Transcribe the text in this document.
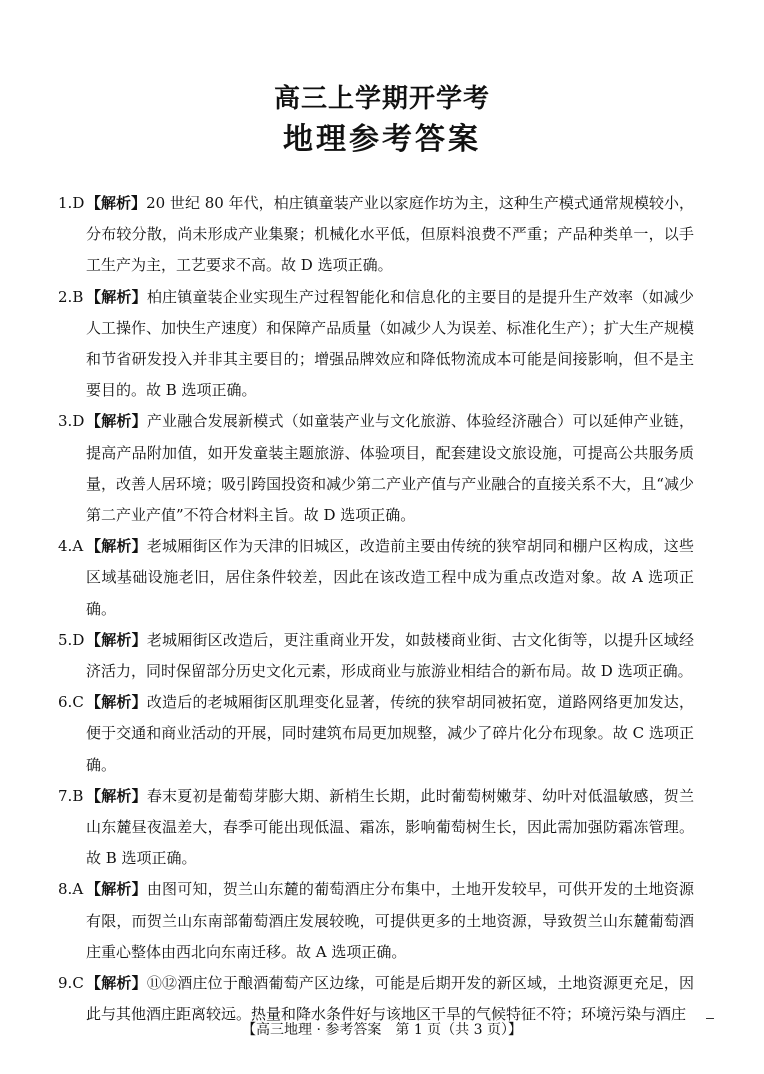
高三上学期开学考
地理参考答案
1.D 【解析】20 世纪 80 年代，柏庄镇童装产业以家庭作坊为主，这种生产模式通常规模较小，分布较分散，尚未形成产业集聚；机械化水平低，但原料浪费不严重；产品种类单一，以手工生产为主，工艺要求不高。故 D 选项正确。
2.B 【解析】柏庄镇童装企业实现生产过程智能化和信息化的主要目的是提升生产效率（如减少人工操作、加快生产速度）和保障产品质量（如减少人为误差、标准化生产）；扩大生产规模和节省研发投入并非其主要目的；增强品牌效应和降低物流成本可能是间接影响，但不是主要目的。故 B 选项正确。
3.D 【解析】产业融合发展新模式（如童装产业与文化旅游、体验经济融合）可以延伸产业链，提高产品附加值，如开发童装主题旅游、体验项目，配套建设文旅设施，可提高公共服务质量，改善人居环境；吸引跨国投资和减少第二产业产值与产业融合的直接关系不大，且“减少第二产业产值”不符合材料主旨。故 D 选项正确。
4.A 【解析】老城厢街区作为天津的旧城区，改造前主要由传统的狭窄胡同和棚户区构成，这些区域基础设施老旧，居住条件较差，因此在该改造工程中成为重点改造对象。故 A 选项正确。
5.D 【解析】老城厢街区改造后，更注重商业开发，如鼓楼商业街、古文化街等，以提升区域经济活力，同时保留部分历史文化元素，形成商业与旅游业相结合的新布局。故 D 选项正确。
6.C 【解析】改造后的老城厢街区肌理变化显著，传统的狭窄胡同被拓宽，道路网络更加发达，便于交通和商业活动的开展，同时建筑布局更加规整，减少了碎片化分布现象。故 C 选项正确。
7.B 【解析】春末夏初是葡萄芽膨大期、新梢生长期，此时葡萄树嫩芽、幼叶对低温敏感，贺兰山东麓昼夜温差大，春季可能出现低温、霜冻，影响葡萄树生长，因此需加强防霜冻管理。故 B 选项正确。
8.A 【解析】由图可知，贺兰山东麓的葡萄酒庄分布集中，土地开发较早，可供开发的土地资源有限，而贺兰山东南部葡萄酒庄发展较晚，可提供更多的土地资源，导致贺兰山东麓葡萄酒庄重心整体由西北向东南迁移。故 A 选项正确。
9.C 【解析】⑪⑫酒庄位于酿酒葡萄产区边缘，可能是后期开发的新区域，土地资源更充足，因此与其他酒庄距离较远。热量和降水条件好与该地区干旱的气候特征不符；环境污染与酒庄
【高三地理 · 参考答案　第 1 页（共 3 页）】
